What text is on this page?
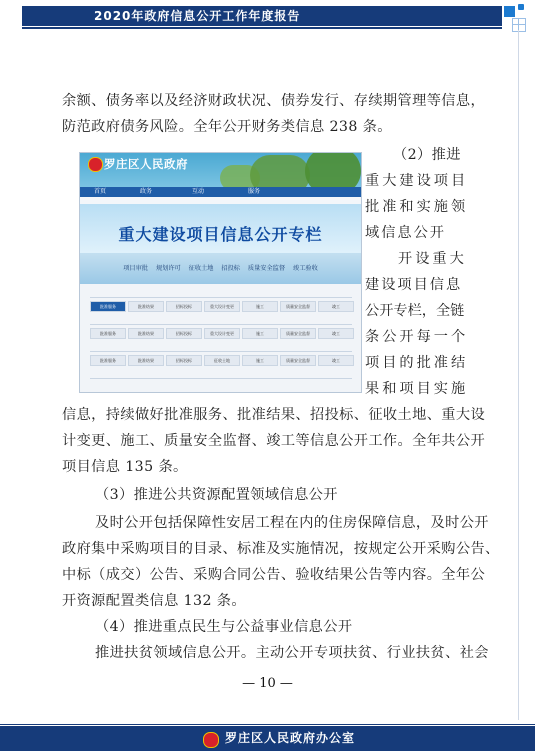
2020年政府信息公开工作年度报告
余额、债务率以及经济财政状况、债券发行、存续期管理等信息，
防范政府债务风险。全年公开财务类信息 238 条。
（2）推进
重大建设项目
批准和实施领
域信息公开
开设重大
建设项目信息
公开专栏，全链
条公开每一个
项目的批准结
果和项目实施
信息，持续做好批准服务、批准结果、招投标、征收土地、重大设
计变更、施工、质量安全监督、竣工等信息公开工作。全年共公开
项目信息 135 条。
（3）推进公共资源配置领域信息公开
及时公开包括保障性安居工程在内的住房保障信息，及时公开
政府集中采购项目的目录、标准及实施情况，按规定公开采购公告、
中标（成交）公告、采购合同公告、验收结果公告等内容。全年公
开资源配置类信息 132 条。
（4）推进重点民生与公益事业信息公开
推进扶贫领域信息公开。主动公开专项扶贫、行业扶贫、社会
罗庄区人民政府
首页	政务	互动	服务
重大建设项目信息公开专栏
项目审批 规划许可 征收土地 招投标 质量安全监督 竣工验收
批准服务	批准结果	招标投标	重大设计变更	施工	质量安全监督	竣工
批准服务	批准结果	招标投标	重大设计变更	施工	质量安全监督	竣工
批准服务	批准结果	招标投标	征收土地	施工	质量安全监督	竣工
— 10 —
罗庄区人民政府办公室
